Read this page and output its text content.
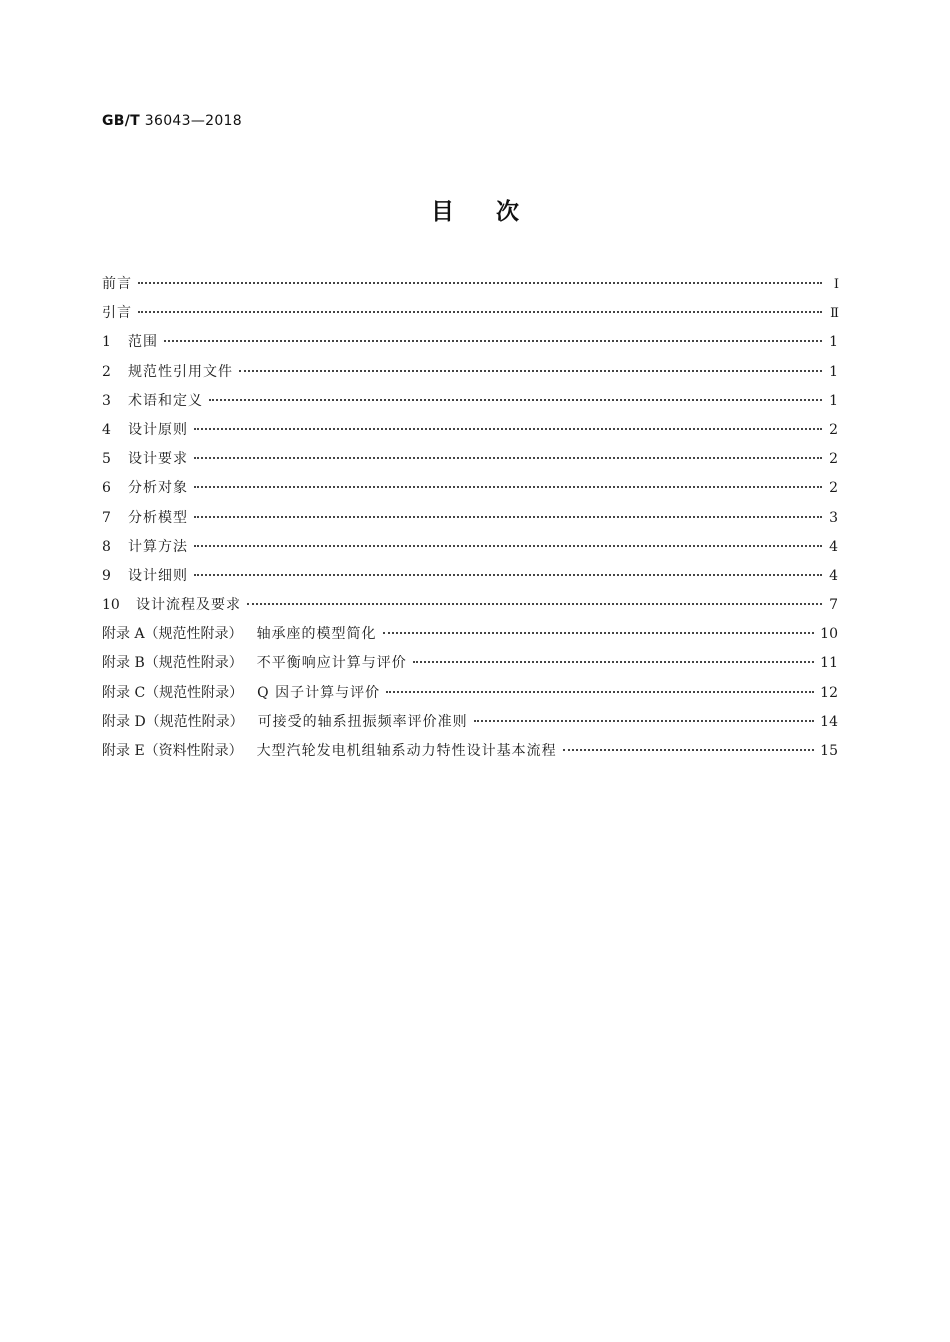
GB/T 36043—2018
目次
前言	Ⅰ
引言	Ⅱ
1 范围	1
2 规范性引用文件	1
3 术语和定义	1
4 设计原则	2
5 设计要求	2
6 分析对象	2
7 分析模型	3
8 计算方法	4
9 设计细则	4
10 设计流程及要求	7
附录 A（规范性附录） 轴承座的模型简化	10
附录 B（规范性附录） 不平衡响应计算与评价	11
附录 C（规范性附录） Q 因子计算与评价	12
附录 D（规范性附录） 可接受的轴系扭振频率评价准则	14
附录 E（资料性附录） 大型汽轮发电机组轴系动力特性设计基本流程	15
